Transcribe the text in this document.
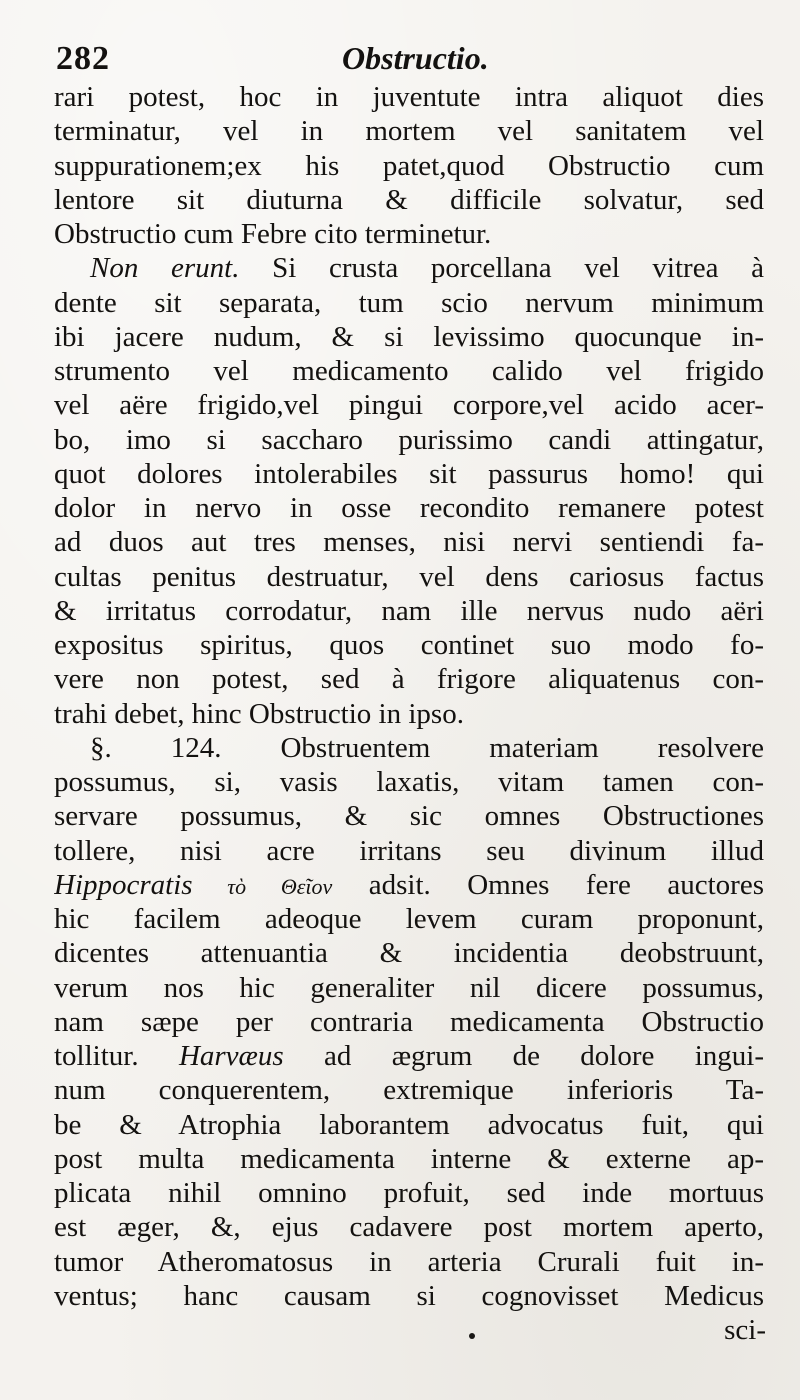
282	Obstructio.
rari potest, hoc in juventute intra aliquot dies
terminatur, vel in mortem vel sanitatem vel
suppurationem;ex his patet,quod Obstructio cum
lentore sit diuturna & difficile solvatur, sed
Obstructio cum Febre cito terminetur.
Non erunt. Si crusta porcellana vel vitrea à
dente sit separata, tum scio nervum minimum
ibi jacere nudum, & si levissimo quocunque in-
strumento vel medicamento calido vel frigido
vel aëre frigido,vel pingui corpore,vel acido acer-
bo, imo si saccharo purissimo candi attingatur,
quot dolores intolerabiles sit passurus homo! qui
dolor in nervo in osse recondito remanere potest
ad duos aut tres menses, nisi nervi sentiendi fa-
cultas penitus destruatur, vel dens cariosus factus
& irritatus corrodatur, nam ille nervus nudo aëri
expositus spiritus, quos continet suo modo fo-
vere non potest, sed à frigore aliquatenus con-
trahi debet, hinc Obstructio in ipso.
§. 124. Obstruentem materiam resolvere
possumus, si, vasis laxatis, vitam tamen con-
servare possumus, & sic omnes Obstructiones
tollere, nisi acre irritans seu divinum illud
Hippocratis τὸ Θεῖον adsit. Omnes fere auctores
hic facilem adeoque levem curam proponunt,
dicentes attenuantia & incidentia deobstruunt,
verum nos hic generaliter nil dicere possumus,
nam sæpe per contraria medicamenta Obstructio
tollitur. Harvæus ad ægrum de dolore ingui-
num conquerentem, extremique inferioris Ta-
be & Atrophia laborantem advocatus fuit, qui
post multa medicamenta interne & externe ap-
plicata nihil omnino profuit, sed inde mortuus
est æger, &, ejus cadavere post mortem aperto,
tumor Atheromatosus in arteria Crurali fuit in-
ventus; hanc causam si cognovisset Medicus
sci-
